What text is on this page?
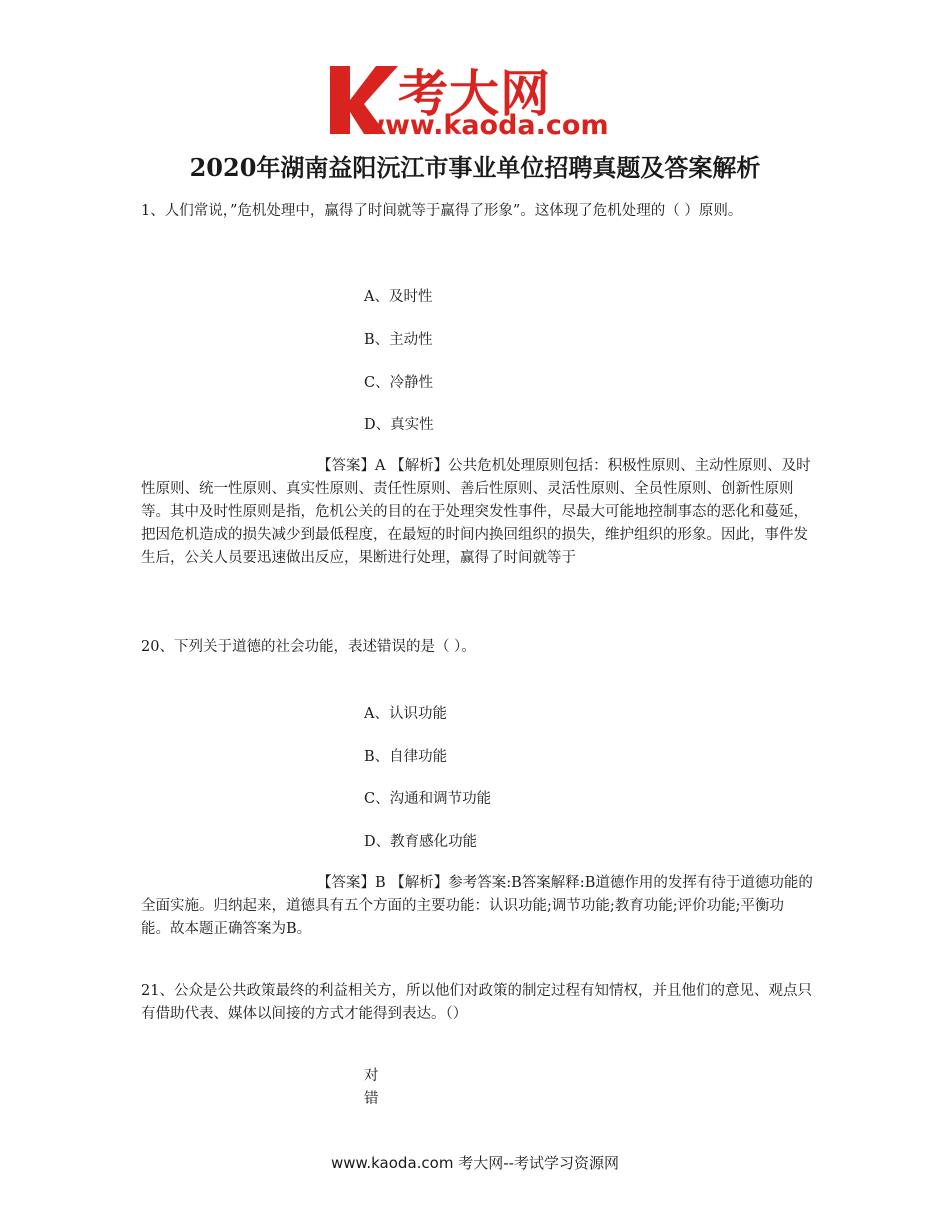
考大网
www.kaoda.com
2020年湖南益阳沅江市事业单位招聘真题及答案解析

1、人们常说，”危机处理中，赢得了时间就等于赢得了形象”。这体现了危机处理的（ ）原则。

A、及时性

B、主动性

C、冷静性

D、真实性

【答案】A 【解析】公共危机处理原则包括：积极性原则、主动性原则、及时性原则、统一性原则、真实性原则、责任性原则、善后性原则、灵活性原则、全员性原则、创新性原则等。其中及时性原则是指，危机公关的目的在于处理突发性事件，尽最大可能地控制事态的恶化和蔓延，把因危机造成的损失减少到最低程度，在最短的时间内换回组织的损失，维护组织的形象。因此，事件发生后，公关人员要迅速做出反应，果断进行处理，赢得了时间就等于

20、下列关于道德的社会功能，表述错误的是（ ）。

A、认识功能

B、自律功能

C、沟通和调节功能

D、教育感化功能

【答案】B 【解析】参考答案:B答案解释:B道德作用的发挥有待于道德功能的全面实施。归纳起来，道德具有五个方面的主要功能：认识功能;调节功能;教育功能;评价功能;平衡功能。故本题正确答案为B。

21、公众是公共政策最终的利益相关方，所以他们对政策的制定过程有知情权，并且他们的意见、观点只有借助代表、媒体以间接的方式才能得到表达。（）

对
错
www.kaoda.com 考大网--考试学习资源网
